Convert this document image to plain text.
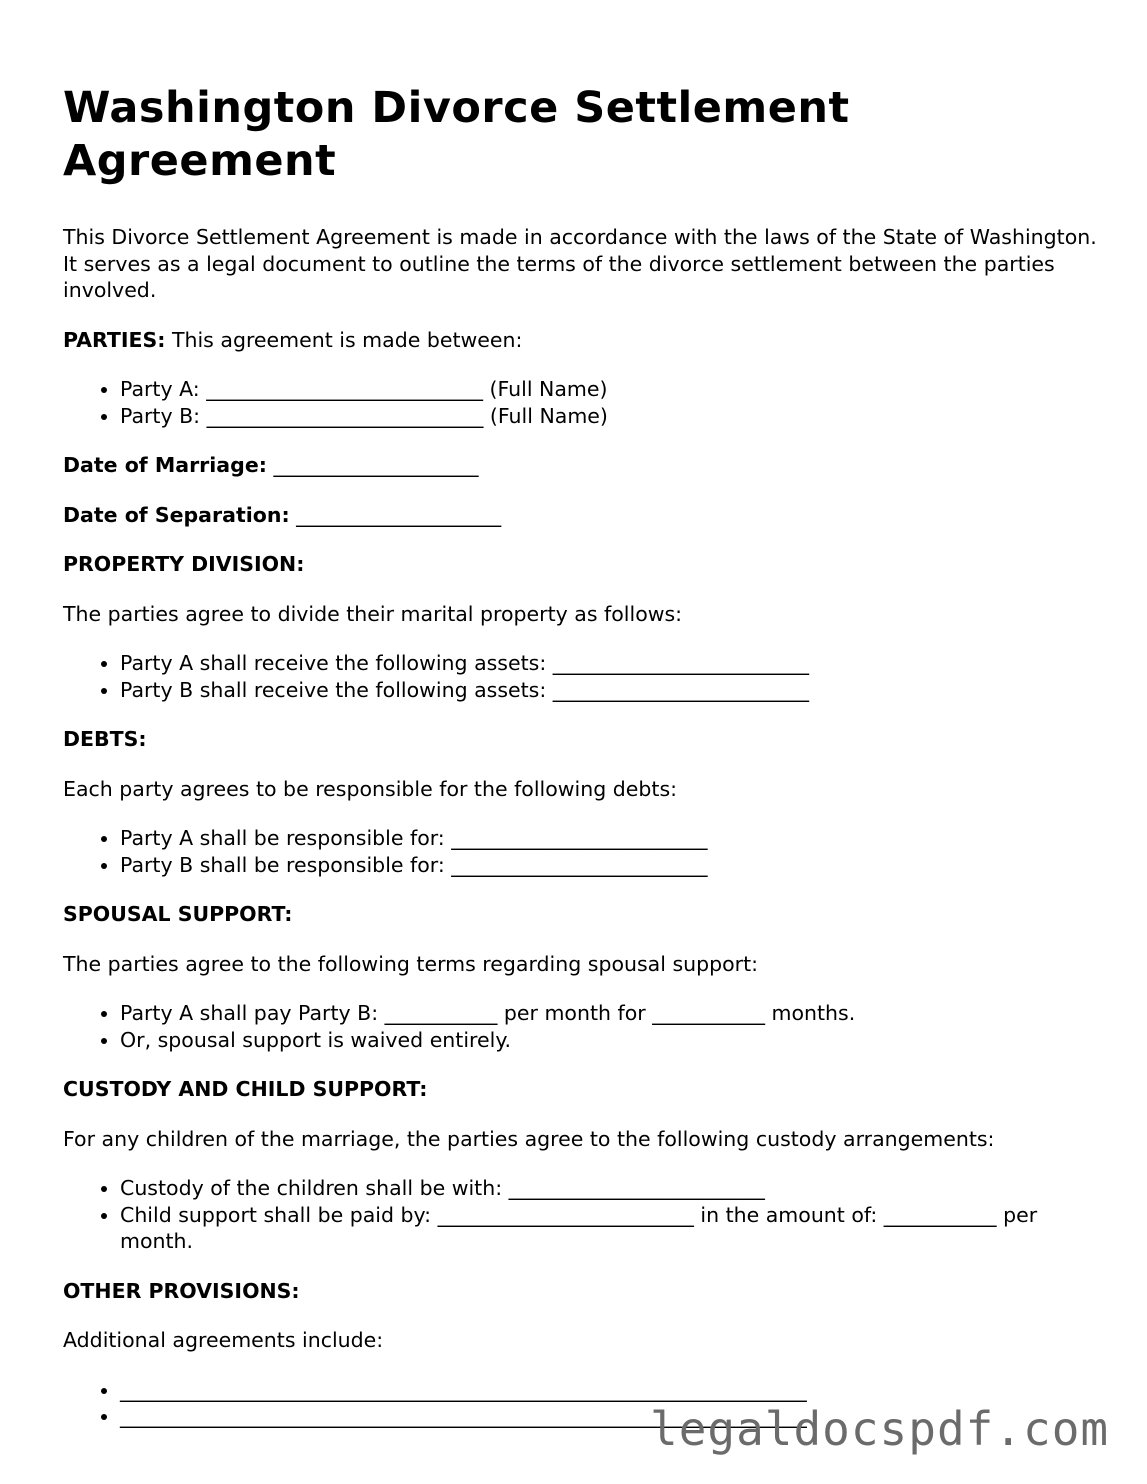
Washington Divorce Settlement Agreement

This Divorce Settlement Agreement is made in accordance with the laws of the State of Washington. It serves as a legal document to outline the terms of the divorce settlement between the parties involved.

PARTIES: This agreement is made between:

• Party A: ___________________________ (Full Name)
• Party B: ___________________________ (Full Name)

Date of Marriage: ____________________

Date of Separation: ____________________

PROPERTY DIVISION:

The parties agree to divide their marital property as follows:

• Party A shall receive the following assets: _________________________
• Party B shall receive the following assets: _________________________

DEBTS:

Each party agrees to be responsible for the following debts:

• Party A shall be responsible for: _________________________
• Party B shall be responsible for: _________________________

SPOUSAL SUPPORT:

The parties agree to the following terms regarding spousal support:

• Party A shall pay Party B: ___________ per month for ___________ months.
• Or, spousal support is waived entirely.

CUSTODY AND CHILD SUPPORT:

For any children of the marriage, the parties agree to the following custody arrangements:

• Custody of the children shall be with: _________________________
• Child support shall be paid by: _________________________ in the amount of: ___________ per month.

OTHER PROVISIONS:

Additional agreements include:

• ___________________________________________________________________
• ___________________________________________________________________
legaldocspdf.com
